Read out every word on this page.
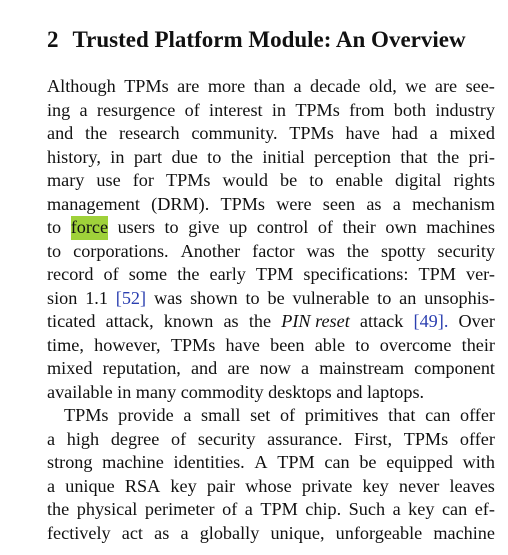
2 Trusted Platform Module: An Overview
Although TPMs are more than a decade old, we are see-
ing a resurgence of interest in TPMs from both industry
and the research community. TPMs have had a mixed
history, in part due to the initial perception that the pri-
mary use for TPMs would be to enable digital rights
management (DRM). TPMs were seen as a mechanism
to force users to give up control of their own machines
to corporations. Another factor was the spotty security
record of some the early TPM specifications: TPM ver-
sion 1.1 [52] was shown to be vulnerable to an unsophis-
ticated attack, known as the PIN reset attack [49]. Over
time, however, TPMs have been able to overcome their
mixed reputation, and are now a mainstream component
available in many commodity desktops and laptops.
TPMs provide a small set of primitives that can offer
a high degree of security assurance. First, TPMs offer
strong machine identities. A TPM can be equipped with
a unique RSA key pair whose private key never leaves
the physical perimeter of a TPM chip. Such a key can ef-
fectively act as a globally unique, unforgeable machine
